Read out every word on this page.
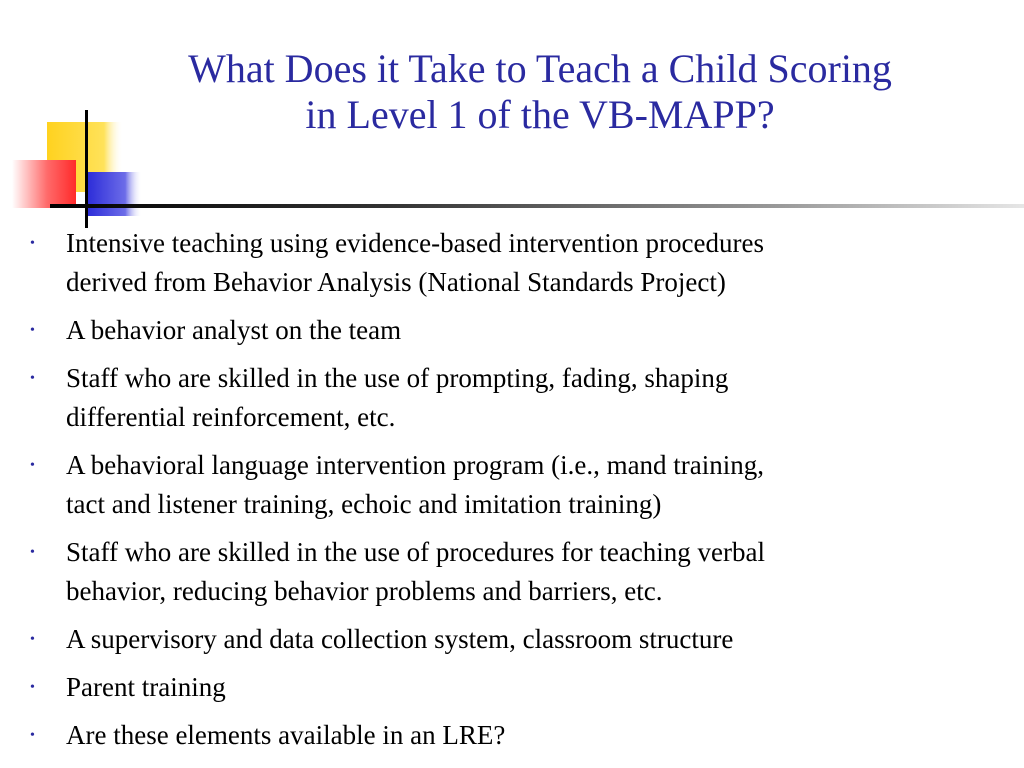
What Does it Take to Teach a Child Scoring
in Level 1 of the VB-MAPP?
• Intensive teaching using evidence-based intervention procedures
derived from Behavior Analysis (National Standards Project)
• A behavior analyst on the team
• Staff who are skilled in the use of prompting, fading, shaping
differential reinforcement, etc.
• A behavioral language intervention program (i.e., mand training,
tact and listener training, echoic and imitation training)
• Staff who are skilled in the use of procedures for teaching verbal
behavior, reducing behavior problems and barriers, etc.
• A supervisory and data collection system, classroom structure
• Parent training
• Are these elements available in an LRE?
